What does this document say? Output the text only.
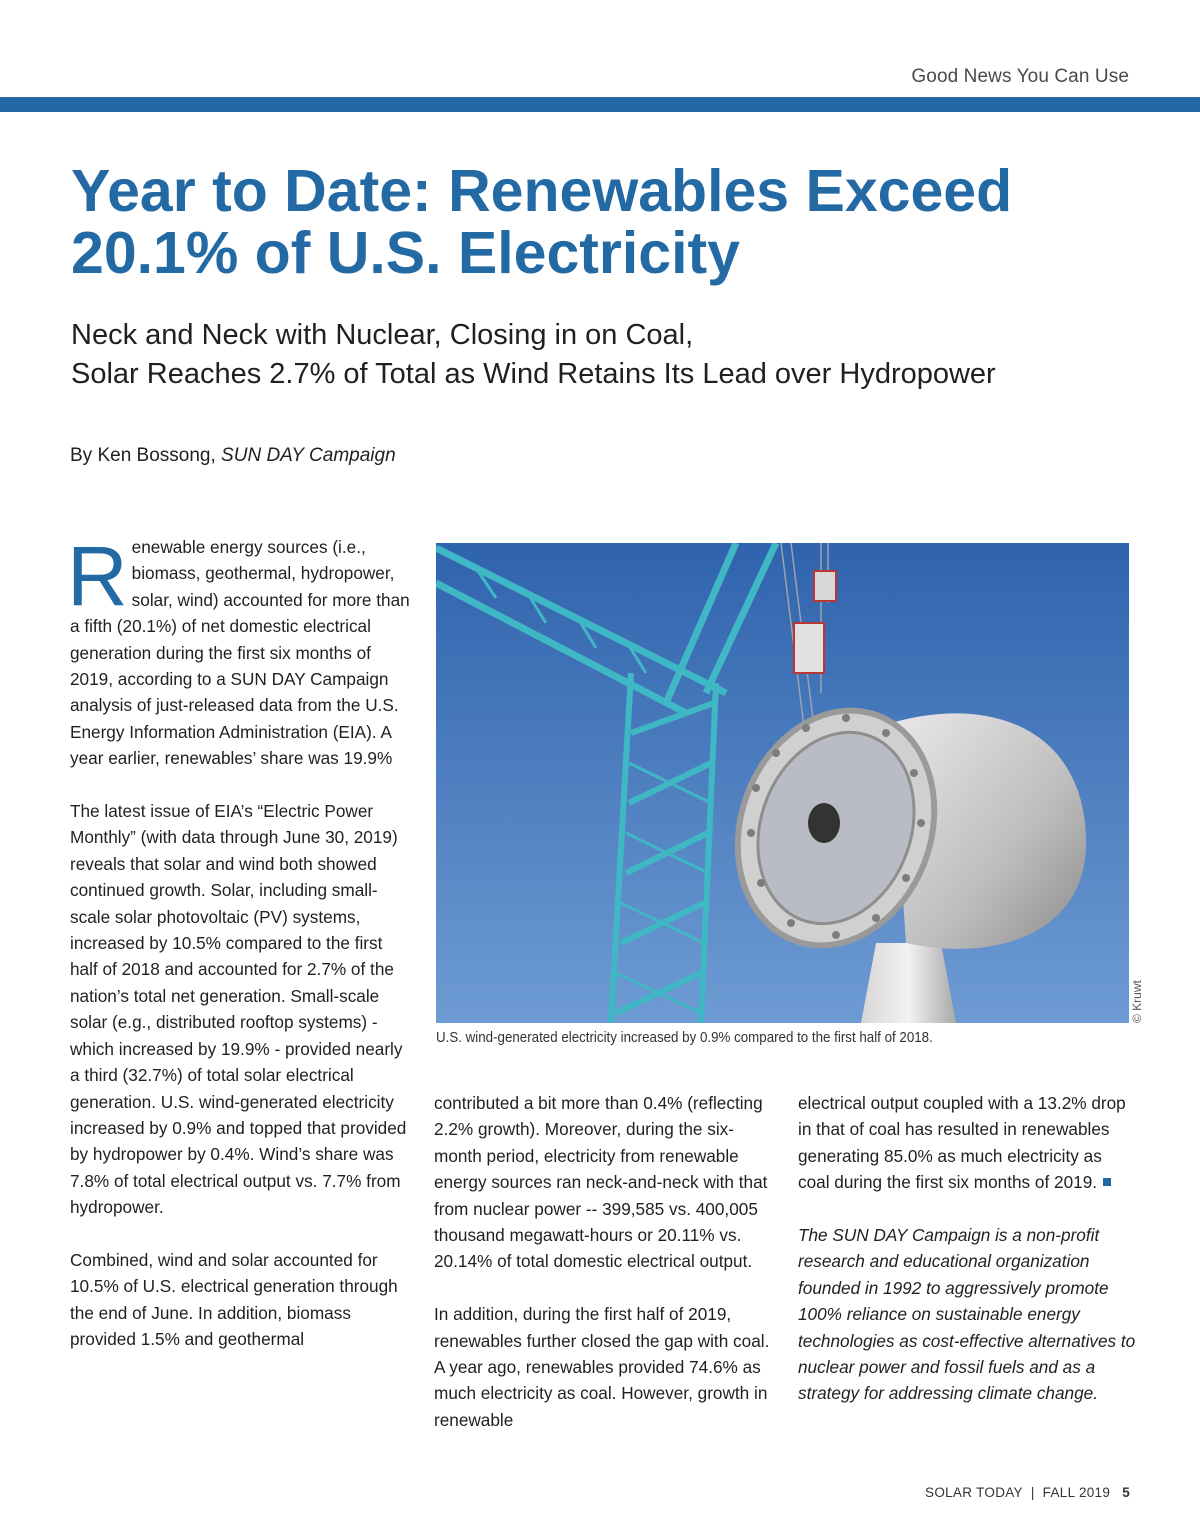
Good News You Can Use
Year to Date: Renewables Exceed 20.1% of U.S. Electricity
Neck and Neck with Nuclear, Closing in on Coal,
Solar Reaches 2.7% of Total as Wind Retains Its Lead over Hydropower
By Ken Bossong, SUN DAY Campaign

Renewable energy sources (i.e., biomass, geothermal, hydropower, solar, wind) accounted for more than a fifth (20.1%) of net domestic electrical generation during the first six months of 2019, according to a SUN DAY Campaign analysis of just-released data from the U.S. Energy Information Administration (EIA). A year earlier, renewables’ share was 19.9%

The latest issue of EIA’s “Electric Power Monthly” (with data through June 30, 2019) reveals that solar and wind both showed continued growth. Solar, including small-scale solar photovoltaic (PV) systems, increased by 10.5% compared to the first half of 2018 and accounted for 2.7% of the nation’s total net generation. Small-scale solar (e.g., distributed rooftop systems) - which increased by 19.9% - provided nearly a third (32.7%) of total solar electrical generation. U.S. wind-generated electricity increased by 0.9% and topped that provided by hydropower by 0.4%. Wind’s share was 7.8% of total electrical output vs. 7.7% from hydropower.

Combined, wind and solar accounted for 10.5% of U.S. electrical generation through the end of June. In addition, biomass provided 1.5% and geothermal

© Kruwt
U.S. wind-generated electricity increased by 0.9% compared to the first half of 2018.

contributed a bit more than 0.4% (reflecting 2.2% growth). Moreover, during the six-month period, electricity from renewable energy sources ran neck-and-neck with that from nuclear power -- 399,585 vs. 400,005 thousand megawatt-hours or 20.11% vs. 20.14% of total domestic electrical output.

In addition, during the first half of 2019, renewables further closed the gap with coal. A year ago, renewables provided 74.6% as much electricity as coal. However, growth in renewable

electrical output coupled with a 13.2% drop in that of coal has resulted in renewables generating 85.0% as much electricity as coal during the first six months of 2019.

The SUN DAY Campaign is a non-profit research and educational organization founded in 1992 to aggressively promote 100% reliance on sustainable energy technologies as cost-effective alternatives to nuclear power and fossil fuels and as a strategy for addressing climate change.

SOLAR TODAY | FALL 2019 5
